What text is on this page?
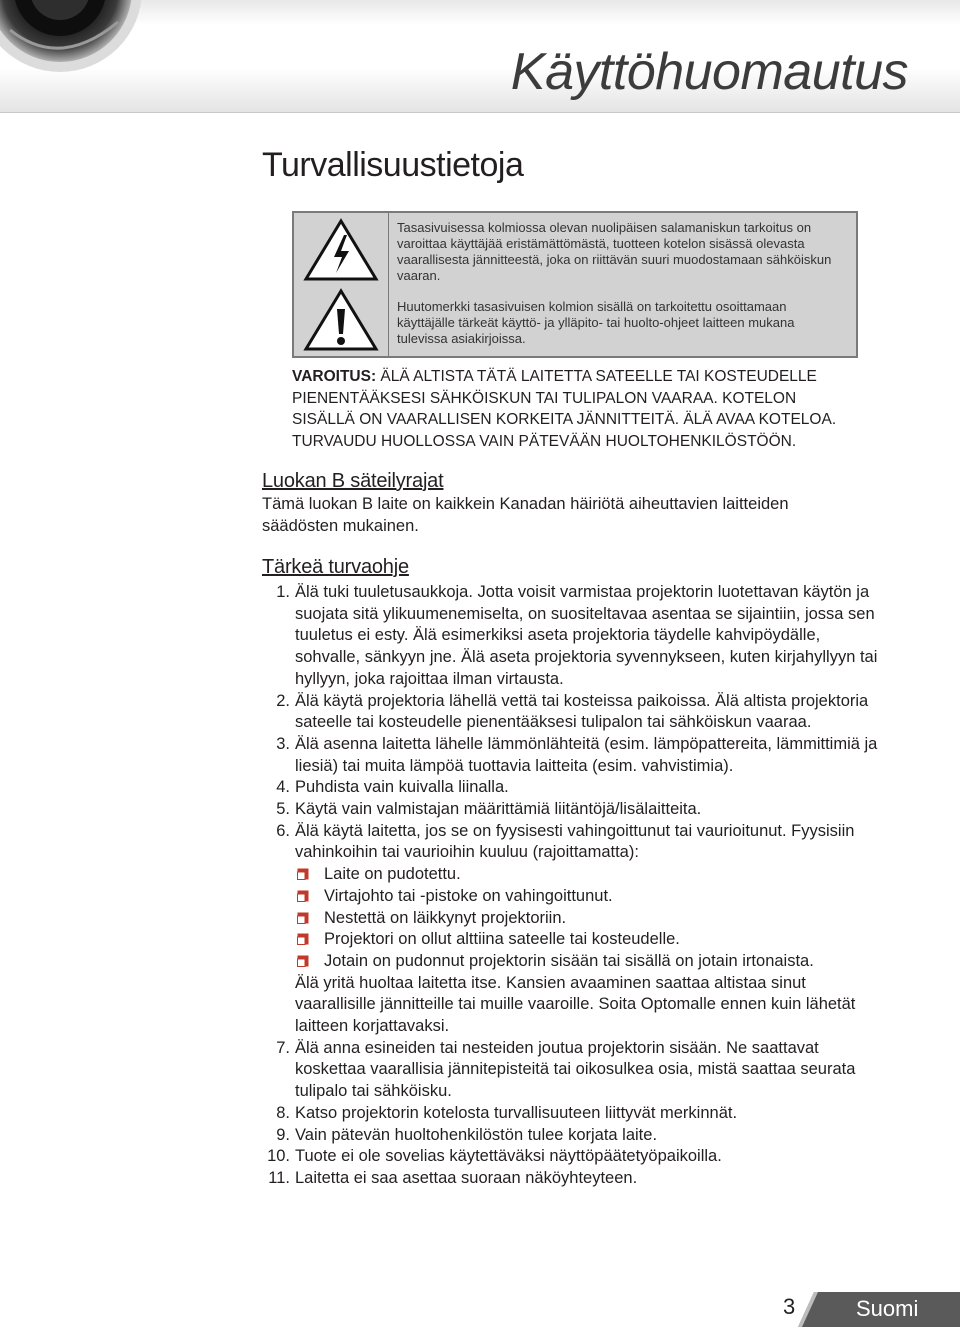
Käyttöhuomautus
Turvallisuustietoja
Tasasivuisessa kolmiossa olevan nuolipäisen salamaniskun tarkoitus on varoittaa käyttäjää eristämättömästä, tuotteen kotelon sisässä olevasta vaarallisesta jännitteestä, joka on riittävän suuri muodostamaan sähköiskun vaaran.
Huutomerkki tasasivuisen kolmion sisällä on tarkoitettu osoittamaan käyttäjälle tärkeät käyttö- ja ylläpito- tai huolto-ohjeet laitteen mukana tulevissa asiakirjoissa.
VAROITUS: ÄLÄ ALTISTA TÄTÄ LAITETTA SATEELLE TAI KOSTEUDELLE PIENENTÄÄKSESI SÄHKÖISKUN TAI TULIPALON VAARAA. KOTELON SISÄLLÄ ON VAARALLISEN KORKEITA JÄNNITTEITÄ. ÄLÄ AVAA KOTELOA. TURVAUDU HUOLLOSSA VAIN PÄTEVÄÄN HUOLTOHENKILÖSTÖÖN.
Luokan B säteilyrajat
Tämä luokan B laite on kaikkein Kanadan häiriötä aiheuttavien laitteiden säädösten mukainen.
Tärkeä turvaohje
1. Älä tuki tuuletusaukkoja. Jotta voisit varmistaa projektorin luotettavan käytön ja suojata sitä ylikuumenemiselta, on suositeltavaa asentaa se sijaintiin, jossa sen tuuletus ei esty. Älä esimerkiksi aseta projektoria täydelle kahvipöydälle, sohvalle, sänkyyn jne. Älä aseta projektoria syvennykseen, kuten kirjahyllyyn tai hyllyyn, joka rajoittaa ilman virtausta.
2. Älä käytä projektoria lähellä vettä tai kosteissa paikoissa. Älä altista projektoria sateelle tai kosteudelle pienentääksesi tulipalon tai sähköiskun vaaraa.
3. Älä asenna laitetta lähelle lämmönlähteitä (esim. lämpöpattereita, lämmittimiä ja liesiä) tai muita lämpöä tuottavia laitteita (esim. vahvistimia).
4. Puhdista vain kuivalla liinalla.
5. Käytä vain valmistajan määrittämiä liitäntöjä/lisälaitteita.
6. Älä käytä laitetta, jos se on fyysisesti vahingoittunut tai vaurioitunut. Fyysisiin vahinkoihin tai vaurioihin kuuluu (rajoittamatta):
Laite on pudotettu.
Virtajohto tai -pistoke on vahingoittunut.
Nestettä on läikkynyt projektoriin.
Projektori on ollut alttiina sateelle tai kosteudelle.
Jotain on pudonnut projektorin sisään tai sisällä on jotain irtonaista.
Älä yritä huoltaa laitetta itse. Kansien avaaminen saattaa altistaa sinut vaarallisille jännitteille tai muille vaaroille. Soita Optomalle ennen kuin lähetät laitteen korjattavaksi.
7. Älä anna esineiden tai nesteiden joutua projektorin sisään. Ne saattavat koskettaa vaarallisia jännitepisteitä tai oikosulkea osia, mistä saattaa seurata tulipalo tai sähköisku.
8. Katso projektorin kotelosta turvallisuuteen liittyvät merkinnät.
9. Vain pätevän huoltohenkilöstön tulee korjata laite.
10. Tuote ei ole sovelias käytettäväksi näyttöpäätetyöpaikoilla.
11. Laitetta ei saa asettaa suoraan näköyhteyteen.
3	Suomi
